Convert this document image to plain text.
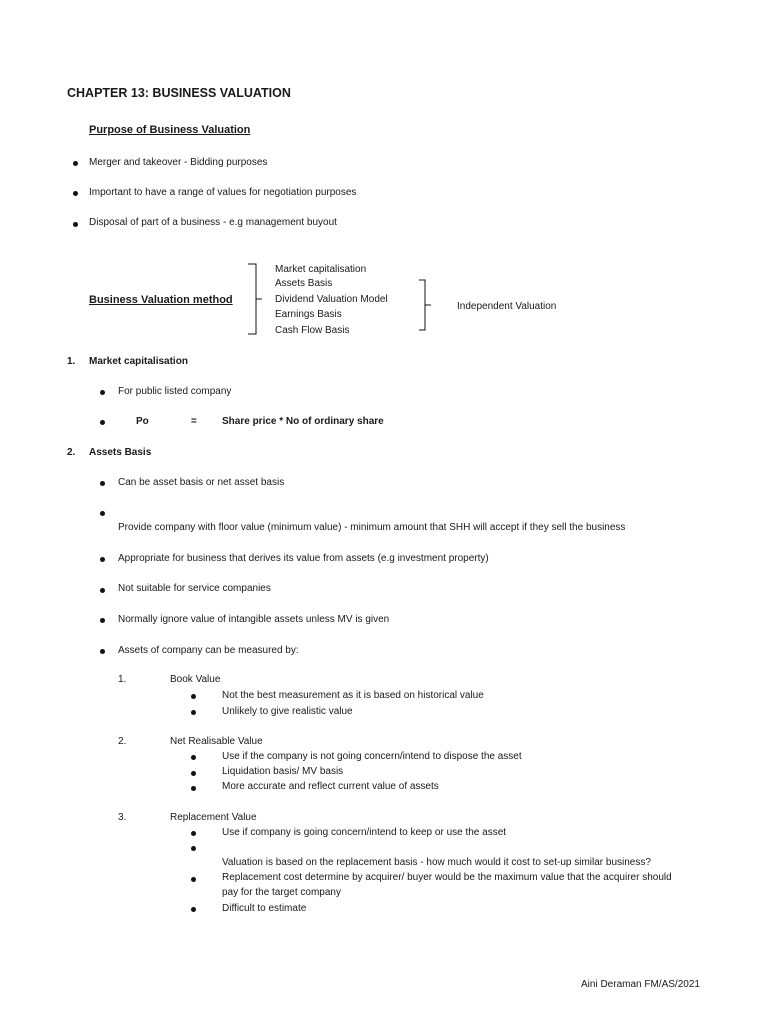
CHAPTER 13: BUSINESS VALUATION
Purpose of Business Valuation
Merger and takeover - Bidding purposes
Important to have a range of values for negotiation purposes
Disposal of part of a business - e.g management buyout
Business Valuation method
Market capitalisation
Assets Basis
Dividend Valuation Model
Earnings Basis
Cash Flow Basis
Independent Valuation
1. Market capitalisation
For public listed company
Po	=	Share price * No of ordinary share
2. Assets Basis
Can be asset basis or net asset basis
Provide company with floor value (minimum value) - minimum amount that SHH will accept if they sell the business
Appropriate for business that derives its value from assets (e.g investment property)
Not suitable for service companies
Normally ignore value of intangible assets unless MV is given
Assets of company can be measured by:
1.	Book Value
Not the best measurement as it is based on historical value
Unlikely to give realistic value
2.	Net Realisable Value
Use if the company is not going concern/intend to dispose the asset
Liquidation basis/ MV basis
More accurate and reflect current value of assets
3.	Replacement Value
Use if company is going concern/intend to keep or use the asset
Valuation is based on the replacement basis - how much would it cost to set-up similar business?
Replacement cost determine by acquirer/ buyer would be the maximum value that the acquirer should
pay for the target company
Difficult to estimate
Aini Deraman FM/AS/2021
